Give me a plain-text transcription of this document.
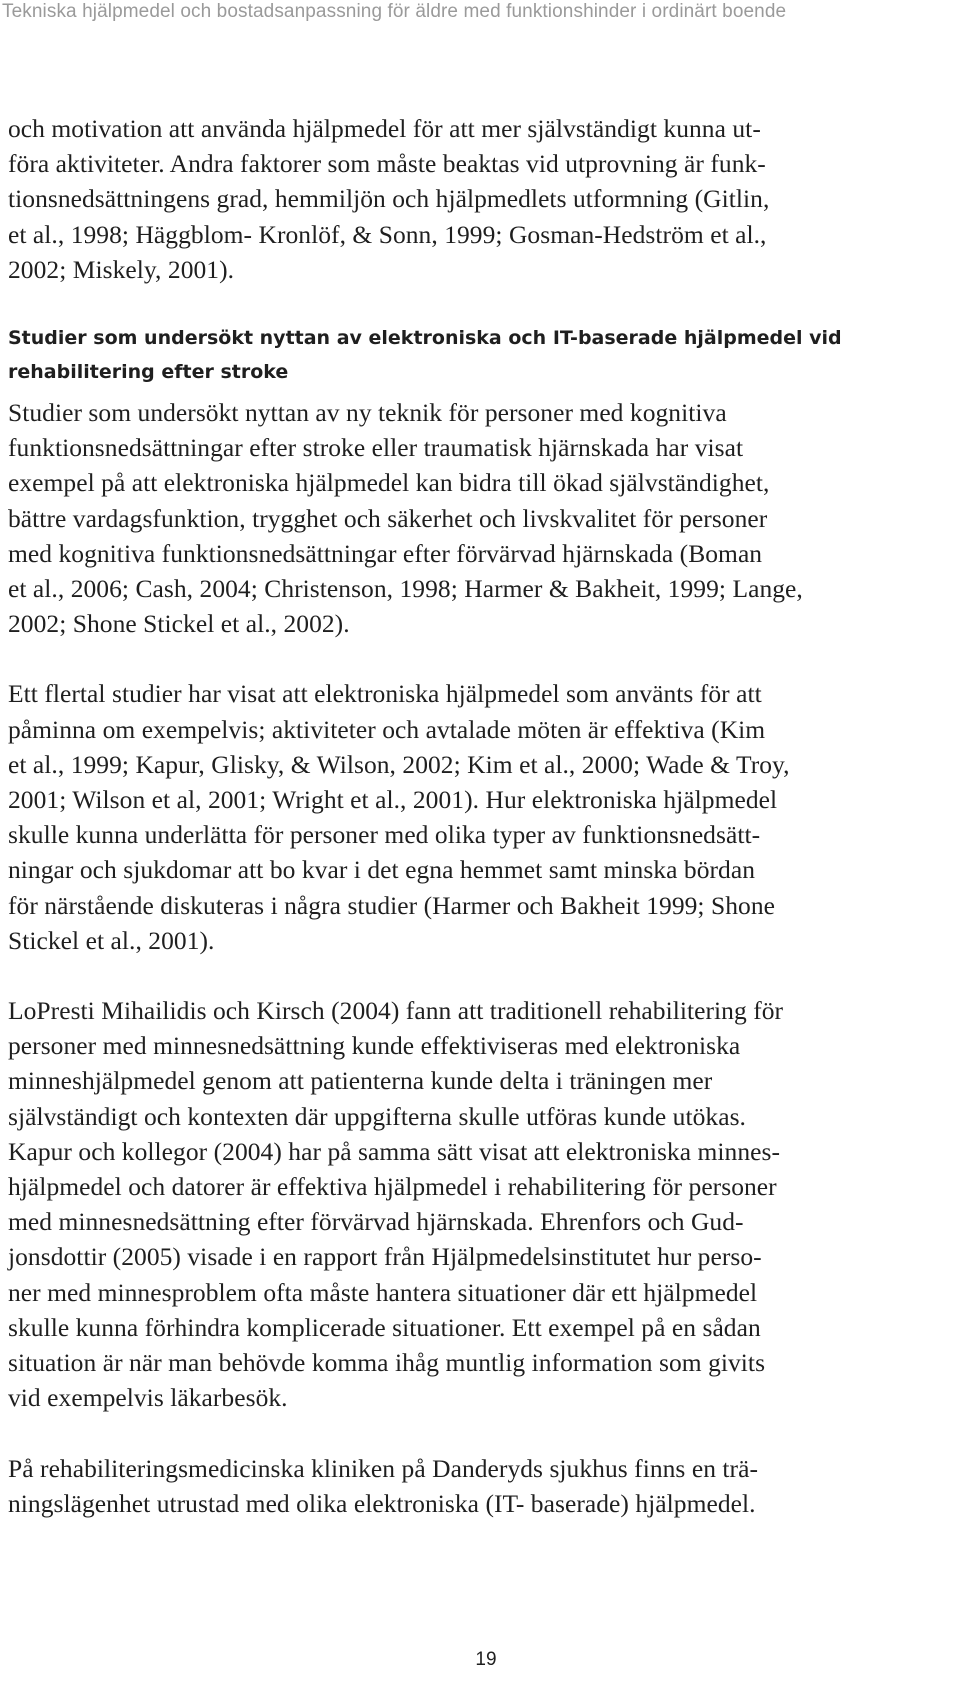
Tekniska hjälpmedel och bostadsanpassning för äldre med funktionshinder i ordinärt boende

och motivation att använda hjälpmedel för att mer självständigt kunna ut-
föra aktiviteter. Andra faktorer som måste beaktas vid utprovning är funk-
tionsnedsättningens grad, hemmiljön och hjälpmedlets utformning (Gitlin,
et al., 1998; Häggblom- Kronlöf, & Sonn, 1999; Gosman-Hedström et al.,
2002; Miskely, 2001).

Studier som undersökt nyttan av elektroniska och IT-baserade hjälpmedel vid
rehabilitering efter stroke

Studier som undersökt nyttan av ny teknik för personer med kognitiva
funktionsnedsättningar efter stroke eller traumatisk hjärnskada har visat
exempel på att elektroniska hjälpmedel kan bidra till ökad självständighet,
bättre vardagsfunktion, trygghet och säkerhet och livskvalitet för personer
med kognitiva funktionsnedsättningar efter förvärvad hjärnskada (Boman
et al., 2006; Cash, 2004; Christenson, 1998; Harmer & Bakheit, 1999; Lange,
2002; Shone Stickel et al., 2002).

Ett flertal studier har visat att elektroniska hjälpmedel som använts för att
påminna om exempelvis; aktiviteter och avtalade möten är effektiva (Kim
et al., 1999; Kapur, Glisky, & Wilson, 2002; Kim et al., 2000; Wade & Troy,
2001; Wilson et al, 2001; Wright et al., 2001). Hur elektroniska hjälpmedel
skulle kunna underlätta för personer med olika typer av funktionsnedsätt-
ningar och sjukdomar att bo kvar i det egna hemmet samt minska bördan
för närstående diskuteras i några studier (Harmer och Bakheit 1999; Shone
Stickel et al., 2001).

LoPresti Mihailidis och Kirsch (2004) fann att traditionell rehabilitering för
personer med minnesnedsättning kunde effektiviseras med elektroniska
minneshjälpmedel genom att patienterna kunde delta i träningen mer
självständigt och kontexten där uppgifterna skulle utföras kunde utökas.
Kapur och kollegor (2004) har på samma sätt visat att elektroniska minnes-
hjälpmedel och datorer är effektiva hjälpmedel i rehabilitering för personer
med minnesnedsättning efter förvärvad hjärnskada. Ehrenfors och Gud-
jonsdottir (2005) visade i en rapport från Hjälpmedelsinstitutet hur perso-
ner med minnesproblem ofta måste hantera situationer där ett hjälpmedel
skulle kunna förhindra komplicerade situationer. Ett exempel på en sådan
situation är när man behövde komma ihåg muntlig information som givits
vid exempelvis läkarbesök.

På rehabiliteringsmedicinska kliniken på Danderyds sjukhus finns en trä-
ningslägenhet utrustad med olika elektroniska (IT- baserade) hjälpmedel.

19
